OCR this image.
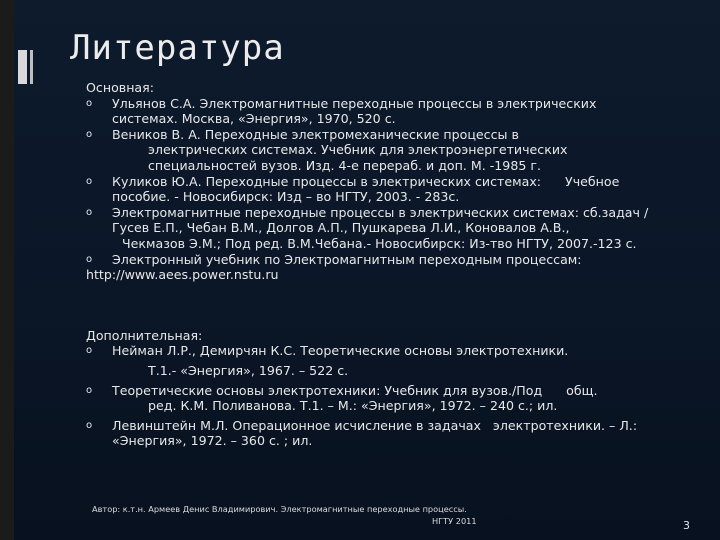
Литература

Основная:

o Ульянов С.А. Электромагнитные переходные процессы в электрических
системах. Москва, «Энергия», 1970, 520 с.
o Веников В. А. Переходные электромеханические процессы в
электрических системах. Учебник для электроэнергетических
специальностей вузов. Изд. 4-е перераб. и доп. М. -1985 г.
o Куликов Ю.А. Переходные процессы в электрических системах:      Учебное
пособие. - Новосибирск: Изд – во НГТУ, 2003. - 283с.
o Электромагнитные переходные процессы в электрических системах: сб.задач /
Гусев Е.П., Чебан В.М., Долгов А.П., Пушкарева Л.И., Коновалов А.В.,
Чекмазов Э.М.; Под ред. В.М.Чебана.- Новосибирск: Из-тво НГТУ, 2007.-123 с.
o Электронный учебник по Электромагнитным переходным процессам:

http://www.aees.power.nstu.ru

Дополнительная:

o Нейман Л.Р., Демирчян К.С. Теоретические основы электротехники.
Т.1.- «Энергия», 1967. – 522 с.
o Теоретические основы электротехники: Учебник для вузов./Под      общ.
ред. К.М. Поливанова. Т.1. – М.: «Энергия», 1972. – 240 с.; ил.
o Левинштейн М.Л. Операционное исчисление в задачах   электротехники. – Л.:
«Энергия», 1972. – 360 с. ; ил.
Автор: к.т.н. Армеев Денис Владимирович. Электромагнитные переходные процессы.
НГТУ 2011	3
